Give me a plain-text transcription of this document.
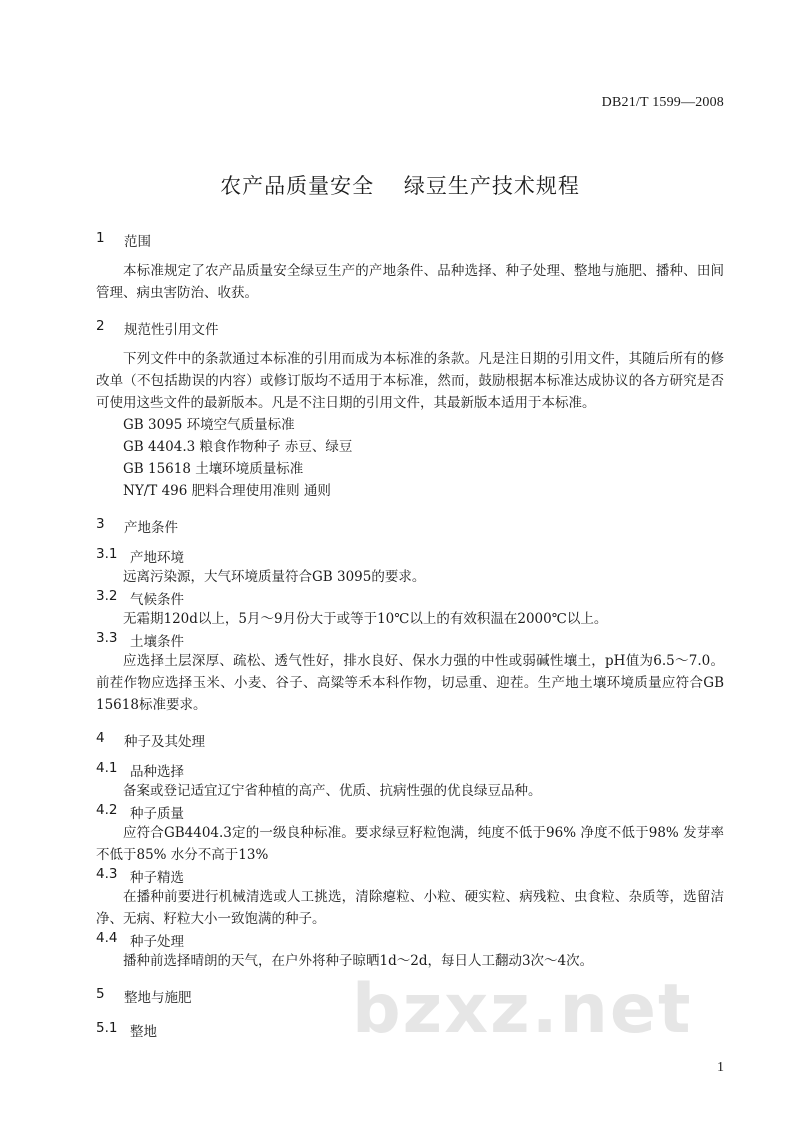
DB21/T 1599—2008
农产品质量安全 绿豆生产技术规程
1	范围

本标准规定了农产品质量安全绿豆生产的产地条件、品种选择、种子处理、整地与施肥、播种、田间管理、病虫害防治、收获。

2	规范性引用文件

下列文件中的条款通过本标准的引用而成为本标准的条款。凡是注日期的引用文件，其随后所有的修改单（不包括勘误的内容）或修订版均不适用于本标准，然而，鼓励根据本标准达成协议的各方研究是否可使用这些文件的最新版本。凡是不注日期的引用文件，其最新版本适用于本标准。

GB 3095 环境空气质量标准
GB 4404.3 粮食作物种子 赤豆、绿豆
GB 15618 土壤环境质量标准
NY/T 496 肥料合理使用准则 通则
3	产地条件
3.1 产地环境

远离污染源，大气环境质量符合GB 3095的要求。

3.2 气候条件

无霜期120d以上，5月～9月份大于或等于10℃以上的有效积温在2000℃以上。

3.3 土壤条件

应选择土层深厚、疏松、透气性好，排水良好、保水力强的中性或弱碱性壤土，pH值为6.5～7.0。前茬作物应选择玉米、小麦、谷子、高粱等禾本科作物，切忌重、迎茬。生产地土壤环境质量应符合GB 15618标准要求。

4	种子及其处理
4.1 品种选择

备案或登记适宜辽宁省种植的高产、优质、抗病性强的优良绿豆品种。

4.2 种子质量

应符合GB4404.3定的一级良种标准。要求绿豆籽粒饱满，纯度不低于96% 净度不低于98% 发芽率不低于85% 水分不高于13%

4.3 种子精选

在播种前要进行机械清选或人工挑选，清除瘪粒、小粒、硬实粒、病残粒、虫食粒、杂质等，选留洁净、无病、籽粒大小一致饱满的种子。

4.4 种子处理

播种前选择晴朗的天气，在户外将种子晾晒1d～2d，每日人工翻动3次～4次。

5	整地与施肥
5.1 整地	bzxz.net
1
